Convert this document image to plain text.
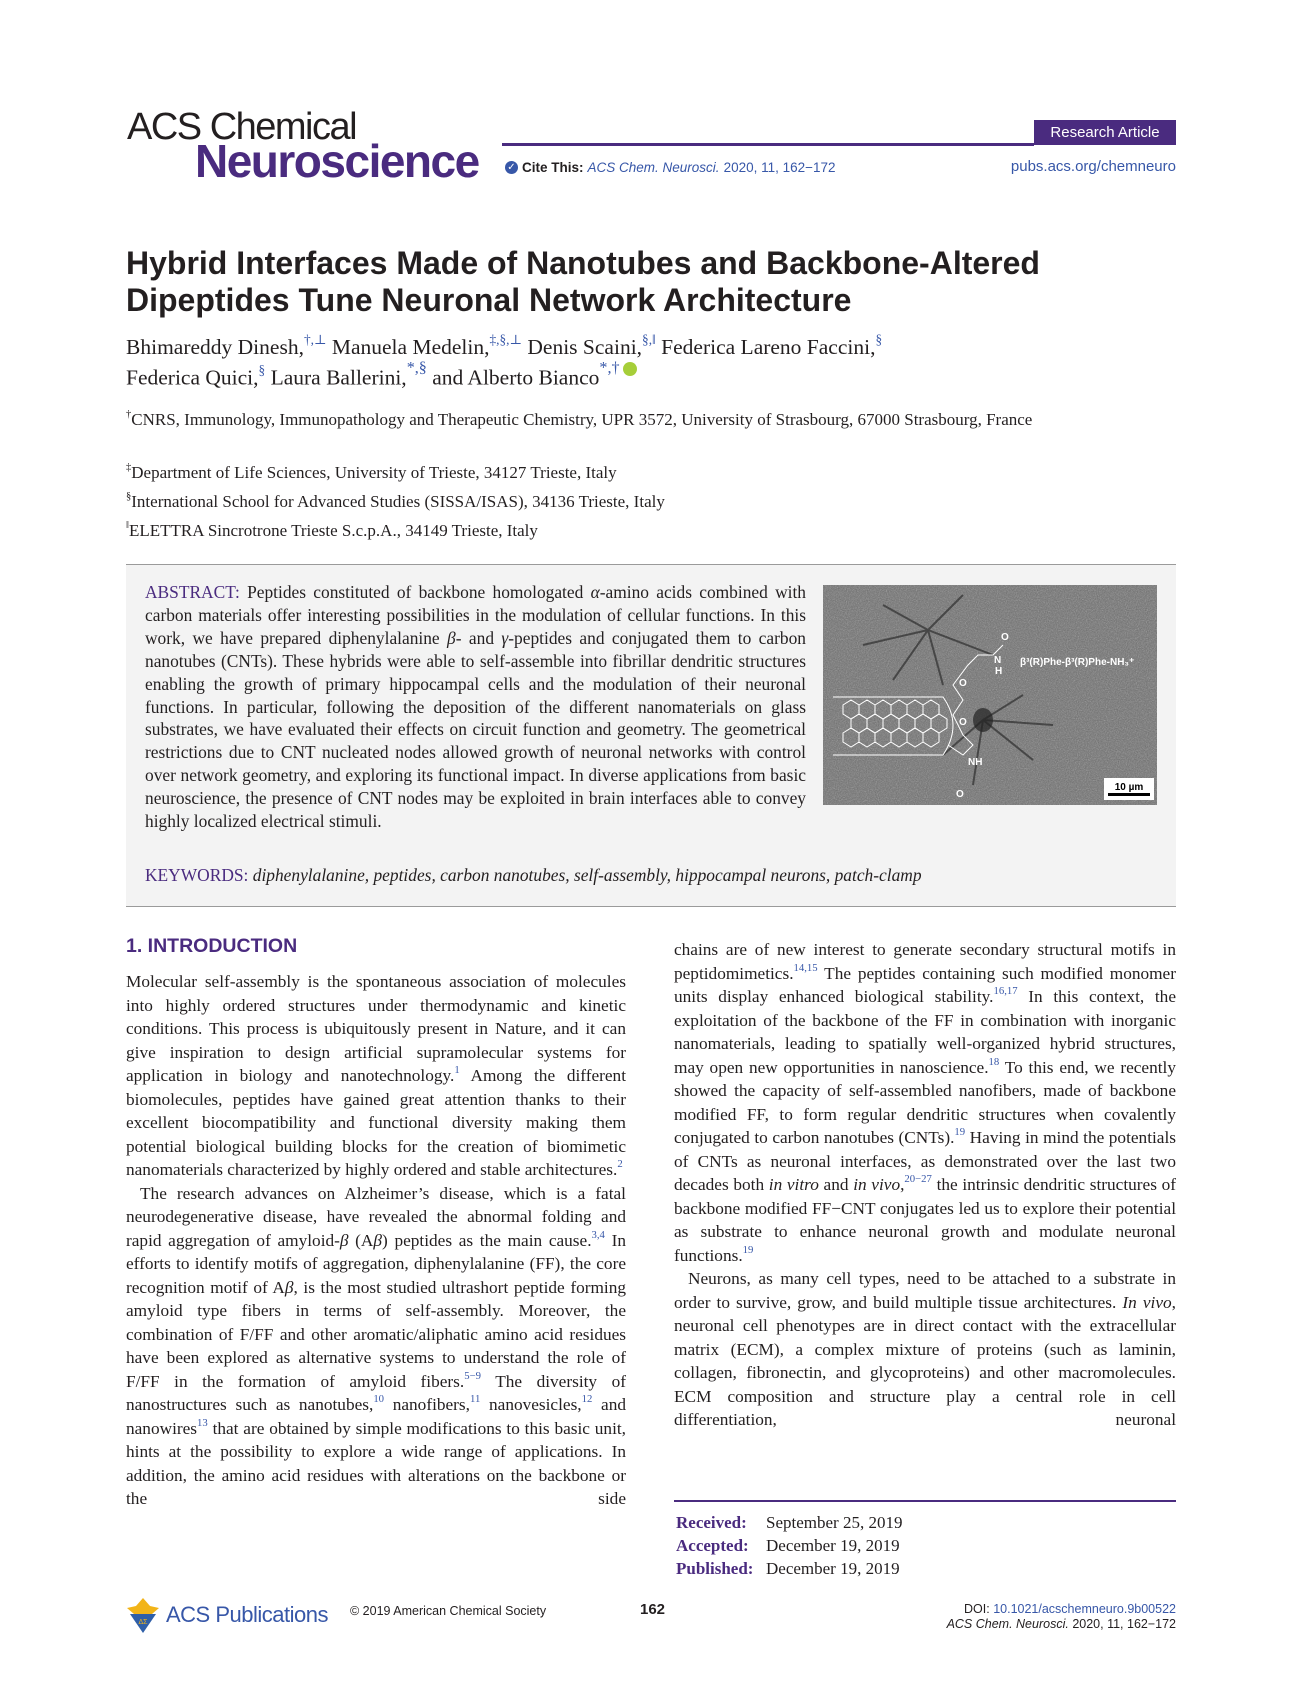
ACS Chemical
Neuroscience
Research Article
✓ Cite This: ACS Chem. Neurosci. 2020, 11, 162−172	pubs.acs.org/chemneuro
Hybrid Interfaces Made of Nanotubes and Backbone-Altered Dipeptides Tune Neuronal Network Architecture
Bhimareddy Dinesh,†,⊥ Manuela Medelin,‡,§,⊥ Denis Scaini,§,‖ Federica Lareno Faccini,§
Federica Quici,§ Laura Ballerini,*,§ and Alberto Bianco*,†
†CNRS, Immunology, Immunopathology and Therapeutic Chemistry, UPR 3572, University of Strasbourg, 67000 Strasbourg, France
‡Department of Life Sciences, University of Trieste, 34127 Trieste, Italy
§International School for Advanced Studies (SISSA/ISAS), 34136 Trieste, Italy
‖ELETTRA Sincrotrone Trieste S.c.p.A., 34149 Trieste, Italy
ABSTRACT: Peptides constituted of backbone homologated α-amino acids combined with carbon materials offer interesting possibilities in the modulation of cellular functions. In this work, we have prepared diphenylalanine β- and γ-peptides and conjugated them to carbon nanotubes (CNTs). These hybrids were able to self-assemble into fibrillar dendritic structures enabling the growth of primary hippocampal cells and the modulation of their neuronal functions. In particular, following the deposition of the different nanomaterials on glass substrates, we have evaluated their effects on circuit function and geometry. The geometrical restrictions due to CNT nucleated nodes allowed growth of neuronal networks with control over network geometry, and exploring its functional impact. In diverse applications from basic neuroscience, the presence of CNT nodes may be exploited in brain interfaces able to convey highly localized electrical stimuli.
O
N
H
β³(R)Phe-β³(R)Phe-NH₃⁺
O
O
NH
O
10 µm
KEYWORDS: diphenylalanine, peptides, carbon nanotubes, self-assembly, hippocampal neurons, patch-clamp
1. INTRODUCTION

Molecular self-assembly is the spontaneous association of molecules into highly ordered structures under thermodynamic and kinetic conditions. This process is ubiquitously present in Nature, and it can give inspiration to design artificial supramolecular systems for application in biology and nanotechnology.$^1$ Among the different biomolecules, peptides have gained great attention thanks to their excellent biocompatibility and functional diversity making them potential biological building blocks for the creation of biomimetic nanomaterials characterized by highly ordered and stable architectures.$^2$

The research advances on Alzheimer’s disease, which is a fatal neurodegenerative disease, have revealed the abnormal folding and rapid aggregation of amyloid-β (Aβ) peptides as the main cause.$^{3,4}$ In efforts to identify motifs of aggregation, diphenylalanine (FF), the core recognition motif of Aβ, is the most studied ultrashort peptide forming amyloid type fibers in terms of self-assembly. Moreover, the combination of F/FF and other aromatic/aliphatic amino acid residues have been explored as alternative systems to understand the role of F/FF in the formation of amyloid fibers.$^{5-9}$ The diversity of nanostructures such as nanotubes,$^{10}$ nanofibers,$^{11}$ nanovesicles,$^{12}$ and nanowires$^{13}$ that are obtained by simple modifications to this basic unit, hints at the possibility to explore a wide range of applications. In addition, the amino acid residues with alterations on the backbone or the side

chains are of new interest to generate secondary structural motifs in peptidomimetics.$^{14,15}$ The peptides containing such modified monomer units display enhanced biological stability.$^{16,17}$ In this context, the exploitation of the backbone of the FF in combination with inorganic nanomaterials, leading to spatially well-organized hybrid structures, may open new opportunities in nanoscience.$^{18}$ To this end, we recently showed the capacity of self-assembled nanofibers, made of backbone modified FF, to form regular dendritic structures when covalently conjugated to carbon nanotubes (CNTs).$^{19}$ Having in mind the potentials of CNTs as neuronal interfaces, as demonstrated over the last two decades both in vitro and in vivo,$^{20-27}$ the intrinsic dendritic structures of backbone modified FF−CNT conjugates led us to explore their potential as substrate to enhance neuronal growth and modulate neuronal functions.$^{19}$

Neurons, as many cell types, need to be attached to a substrate in order to survive, grow, and build multiple tissue architectures. In vivo, neuronal cell phenotypes are in direct contact with the extracellular matrix (ECM), a complex mixture of proteins (such as laminin, collagen, fibronectin, and glycoproteins) and other macromolecules. ECM composition and structure play a central role in cell differentiation, neuronal

Received: September 25, 2019
Accepted: December 19, 2019
Published: December 19, 2019
ΔΣ ACS Publications © 2019 American Chemical Society	162	DOI: 10.1021/acschemneuro.9b00522
ACS Chem. Neurosci. 2020, 11, 162−172
